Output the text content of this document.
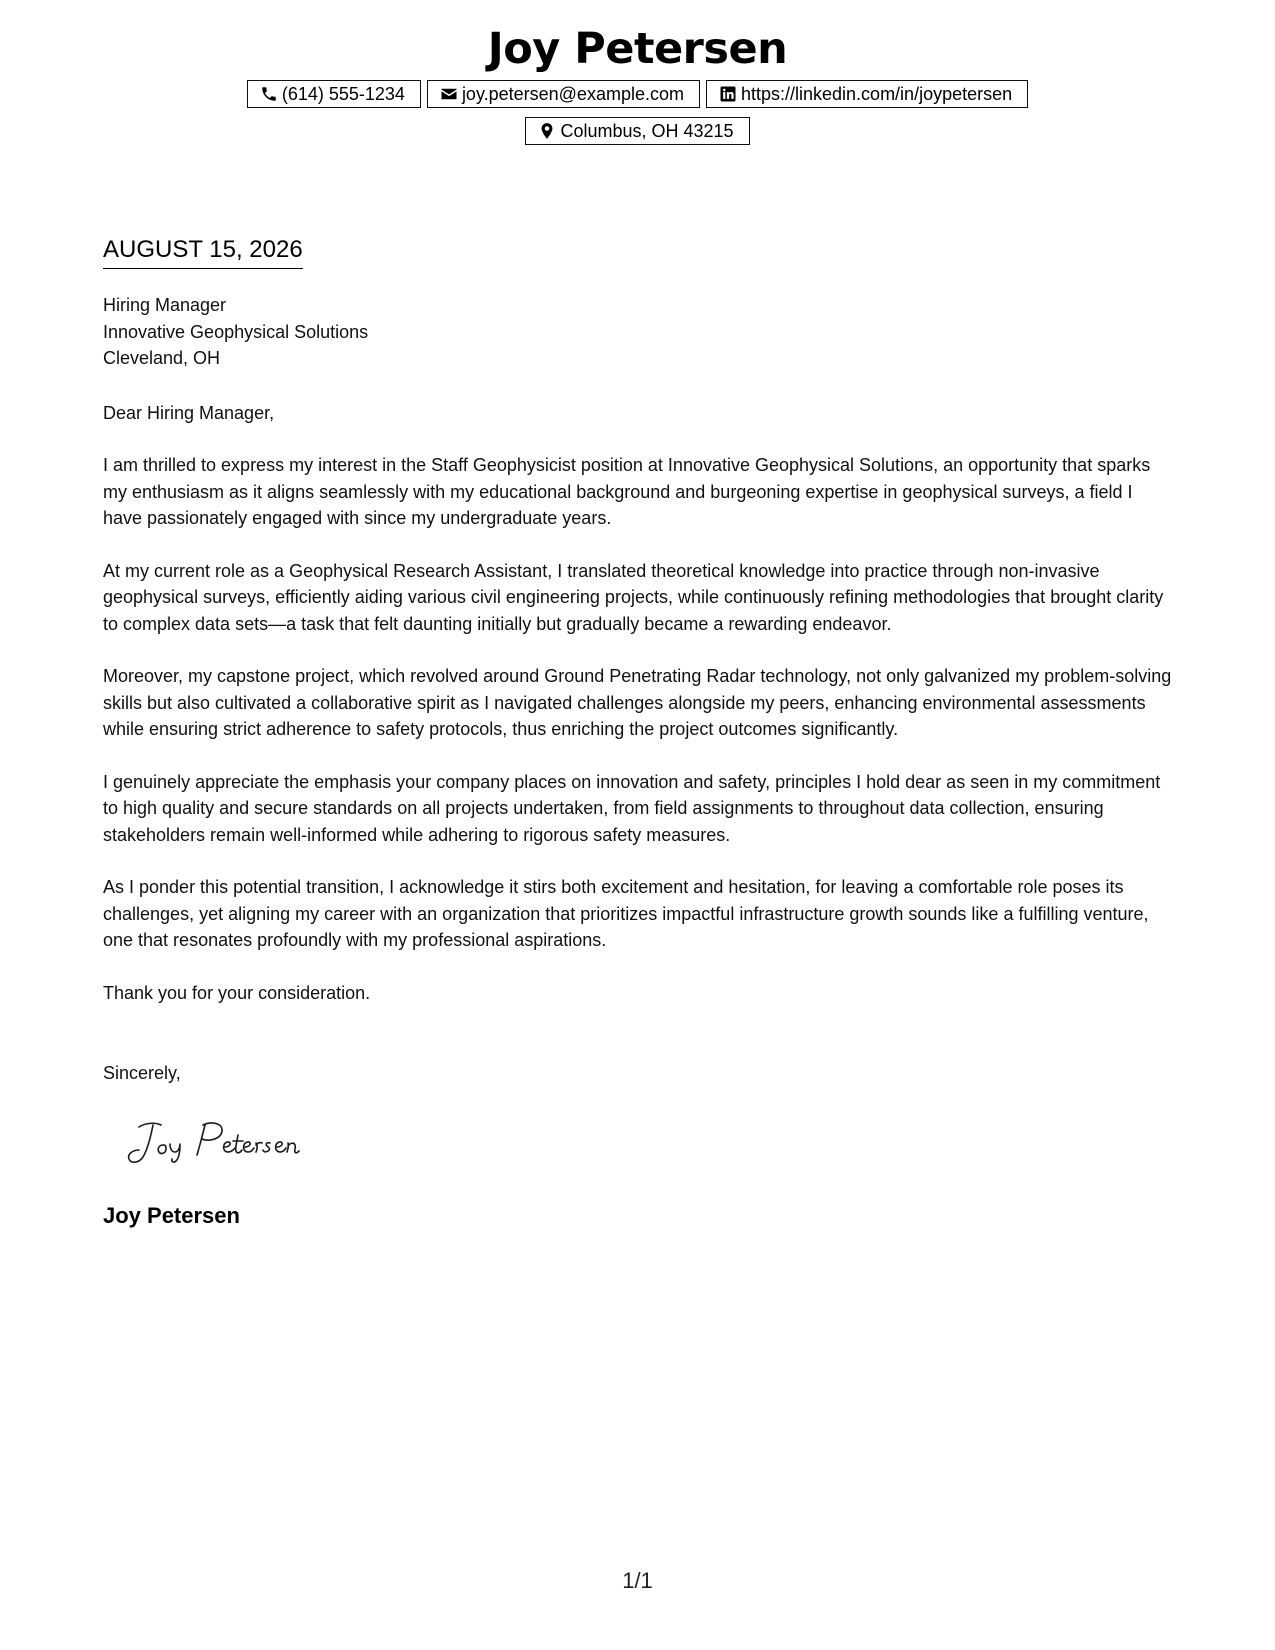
Joy Petersen
(614) 555-1234	joy.petersen@example.com	https://linkedin.com/in/joypetersen
Columbus, OH 43215
AUGUST 15, 2026
Hiring Manager
Innovative Geophysical Solutions
Cleveland, OH
Dear Hiring Manager,

I am thrilled to express my interest in the Staff Geophysicist position at Innovative Geophysical Solutions, an opportunity that sparks my enthusiasm as it aligns seamlessly with my educational background and burgeoning expertise in geophysical surveys, a field I have passionately engaged with since my undergraduate years.

At my current role as a Geophysical Research Assistant, I translated theoretical knowledge into practice through non-invasive geophysical surveys, efficiently aiding various civil engineering projects, while continuously refining methodologies that brought clarity to complex data sets—a task that felt daunting initially but gradually became a rewarding endeavor.

Moreover, my capstone project, which revolved around Ground Penetrating Radar technology, not only galvanized my problem-solving skills but also cultivated a collaborative spirit as I navigated challenges alongside my peers, enhancing environmental assessments while ensuring strict adherence to safety protocols, thus enriching the project outcomes significantly.

I genuinely appreciate the emphasis your company places on innovation and safety, principles I hold dear as seen in my commitment to high quality and secure standards on all projects undertaken, from field assignments to throughout data collection, ensuring stakeholders remain well-informed while adhering to rigorous safety measures.

As I ponder this potential transition, I acknowledge it stirs both excitement and hesitation, for leaving a comfortable role poses its challenges, yet aligning my career with an organization that prioritizes impactful infrastructure growth sounds like a fulfilling venture, one that resonates profoundly with my professional aspirations.

Thank you for your consideration.

Sincerely,
Joy Petersen
1/1
